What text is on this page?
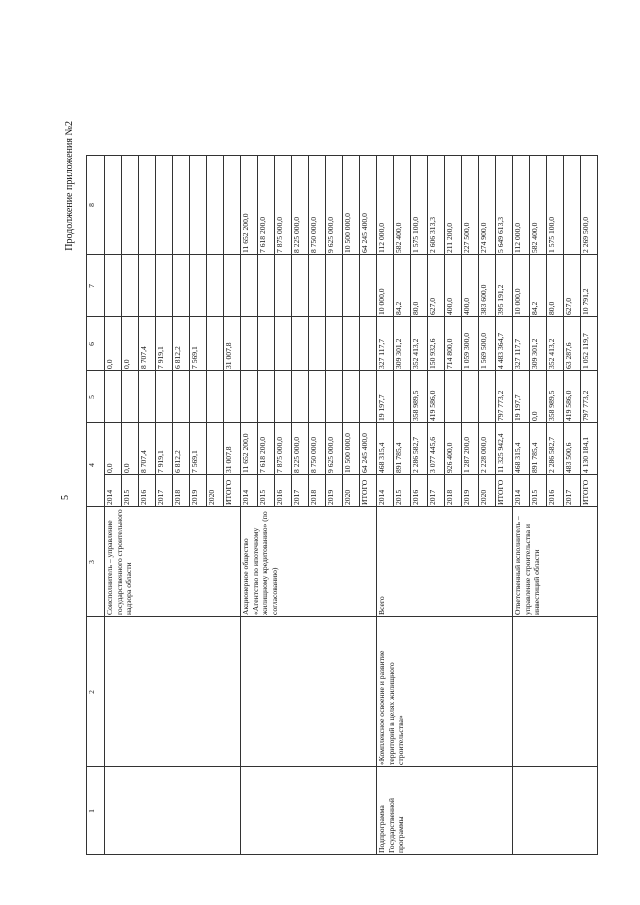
5
Продолжение приложения №2
1
2
3
4
5
6
7
8
Соисполнитель – управление государственного строительного надзора области
2014
0,0
0,0
2015
0,0
0,0
2016
8 707,4
8 707,4
2017
7 919,1
7 919,1
2018
6 812,2
6 812,2
2019
7 569,1
7 569,1
2020	ИТОГО
31 007,8
31 007,8
Акционерное общество «Агентство по ипотечному жилищному кредитованию» (по согласованию)
2014
11 652 200,0
11 652 200,0
2015
7 618 200,0
7 618 200,0
2016
7 875 000,0
7 875 000,0
2017
8 225 000,0
8 225 000,0
2018
8 750 000,0
8 750 000,0
2019
9 625 000,0
9 625 000,0
2020
10 500 000,0
10 500 000,0
ИТОГО
64 245 400,0
64 245 400,0
Подпрограмма Государственной программы
«Комплексное освоение и развитие территорий в целях жилищного строительства»
Всего
2014
468 315,4
19 197,7
327 117,7
10 000,0
112 000,0
2015
891 785,4
309 301,2
84,2
582 400,0
2016
2 286 582,7
358 989,5
352 413,2
80,0
1 575 100,0
2017
3 077 445,6
419 586,0
150 932,6
627,0
2 606 313,3
2018
926 400,0
714 800,0
400,0
211 200,0
2019
1 287 200,0
1 059 300,0
400,0
227 500,0
2020
2 228 000,0
1 569 500,0
383 600,0
274 900,0
ИТОГО
11 325 942,4
797 773,2
4 483 364,7
395 191,2
5 649 613,3
Ответственный исполнитель – управление строительства и инвестиций области
2014
468 315,4
19 197,7
327 117,7
10 000,0
112 000,0
2015
891 785,4
0,0
309 301,2
84,2
582 400,0
2016
2 286 582,7
358 989,5
352 413,2
80,0
1 575 100,0
2017
483 500,6
419 586,0
63 287,6
627,0
ИТОГО
4 130 184,1
797 773,2
1 052 119,7
10 791,2
2 269 500,0
